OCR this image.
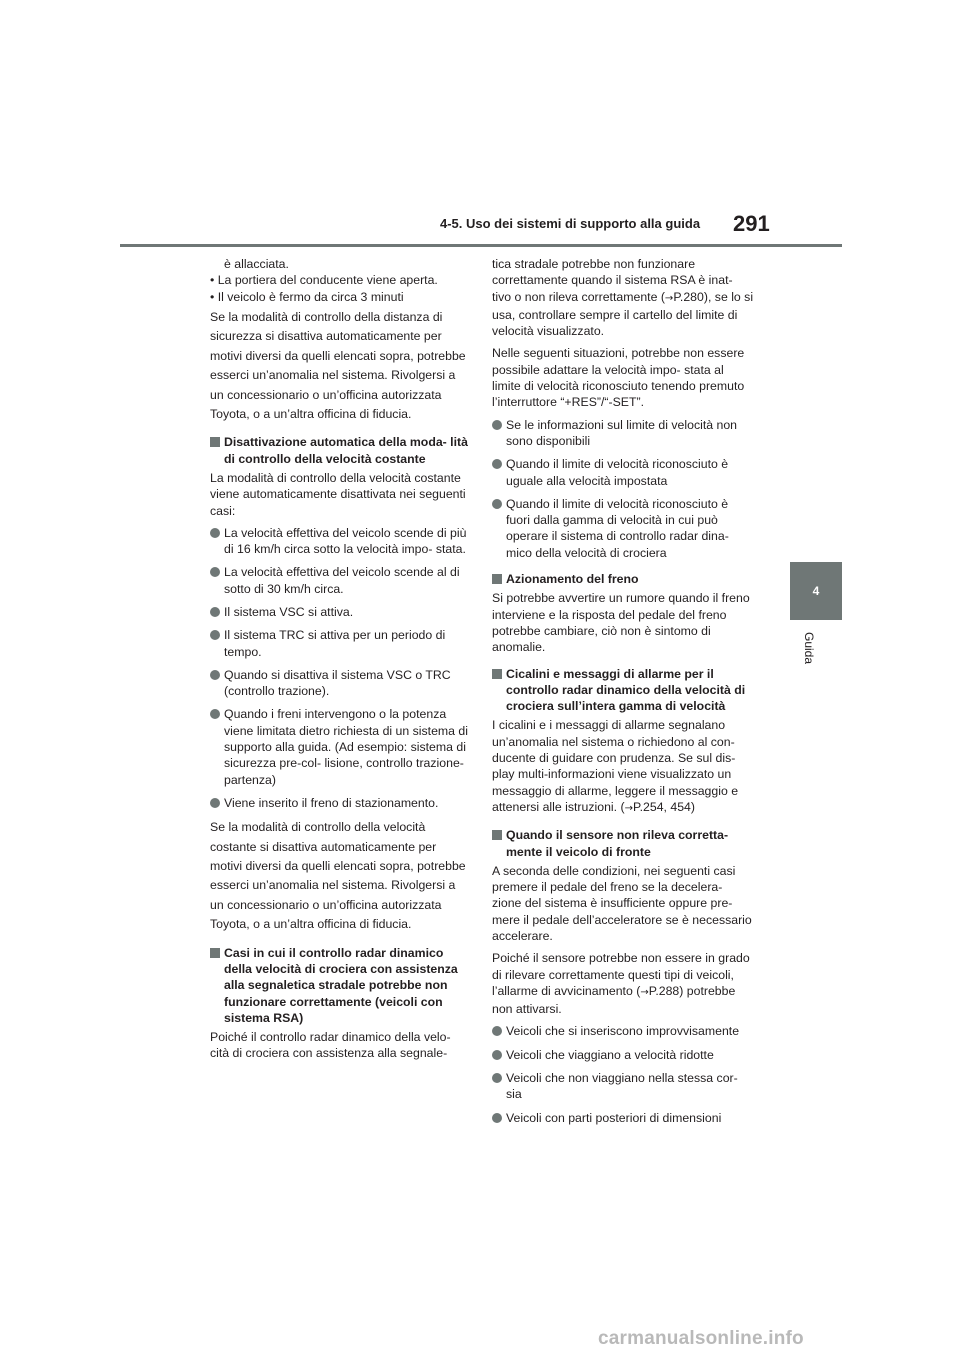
4-5. Uso dei sistemi di supporto alla guida 291
4
Guida

è allacciata.

• La portiera del conducente viene aperta.

• Il veicolo è fermo da circa 3 minuti

Se la modalità di controllo della distanza di sicurezza si disattiva automaticamente per motivi diversi da quelli elencati sopra, potrebbe esserci un’anomalia nel sistema. Rivolgersi a un concessionario o un’officina autorizzata Toyota, o a un’altra officina di fiducia.

Disattivazione automatica della moda- lità di controllo della velocità costante

La modalità di controllo della velocità costante viene automaticamente disattivata nei seguenti casi:

La velocità effettiva del veicolo scende di più di 16 km/h circa sotto la velocità impo- stata.
La velocità effettiva del veicolo scende al di sotto di 30 km/h circa.
Il sistema VSC si attiva.
Il sistema TRC si attiva per un periodo di tempo.
Quando si disattiva il sistema VSC o TRC (controllo trazione).
Quando i freni intervengono o la potenza viene limitata dietro richiesta di un sistema di supporto alla guida. (Ad esempio: sistema di sicurezza pre-col- lisione, controllo trazione-partenza)
Viene inserito il freno di stazionamento.

Se la modalità di controllo della velocità costante si disattiva automaticamente per motivi diversi da quelli elencati sopra, potrebbe esserci un’anomalia nel sistema. Rivolgersi a un concessionario o un’officina autorizzata Toyota, o a un’altra officina di fiducia.

Casi in cui il controllo radar dinamico della velocità di crociera con assistenza alla segnaletica stradale potrebbe non funzionare correttamente (veicoli con sistema RSA)

Poiché il controllo radar dinamico della velo- cità di crociera con assistenza alla segnale-

tica stradale potrebbe non funzionare correttamente quando il sistema RSA è inat- tivo o non rileva correttamente (→P.280), se lo si usa, controllare sempre il cartello del limite di velocità visualizzato.

Nelle seguenti situazioni, potrebbe non essere possibile adattare la velocità impo- stata al limite di velocità riconosciuto tenendo premuto l’interruttore “+RES”/“-SET”.

Se le informazioni sul limite di velocità non sono disponibili
Quando il limite di velocità riconosciuto è uguale alla velocità impostata
Quando il limite di velocità riconosciuto è fuori dalla gamma di velocità in cui può operare il sistema di controllo radar dina- mico della velocità di crociera
Azionamento del freno

Si potrebbe avvertire un rumore quando il freno interviene e la risposta del pedale del freno potrebbe cambiare, ciò non è sintomo di anomalie.

Cicalini e messaggi di allarme per il controllo radar dinamico della velocità di crociera sull’intera gamma di velocità

I cicalini e i messaggi di allarme segnalano un’anomalia nel sistema o richiedono al con- ducente di guidare con prudenza. Se sul dis- play multi-informazioni viene visualizzato un messaggio di allarme, leggere il messaggio e attenersi alle istruzioni. (→P.254, 454)

Quando il sensore non rileva corretta- mente il veicolo di fronte

A seconda delle condizioni, nei seguenti casi premere il pedale del freno se la decelera- zione del sistema è insufficiente oppure pre- mere il pedale dell’acceleratore se è necessario accelerare.

Poiché il sensore potrebbe non essere in grado di rilevare correttamente questi tipi di veicoli, l’allarme di avvicinamento (→P.288) potrebbe non attivarsi.

Veicoli che si inseriscono improvvisamente
Veicoli che viaggiano a velocità ridotte
Veicoli che non viaggiano nella stessa cor- sia
Veicoli con parti posteriori di dimensioni
carmanualsonline.info
